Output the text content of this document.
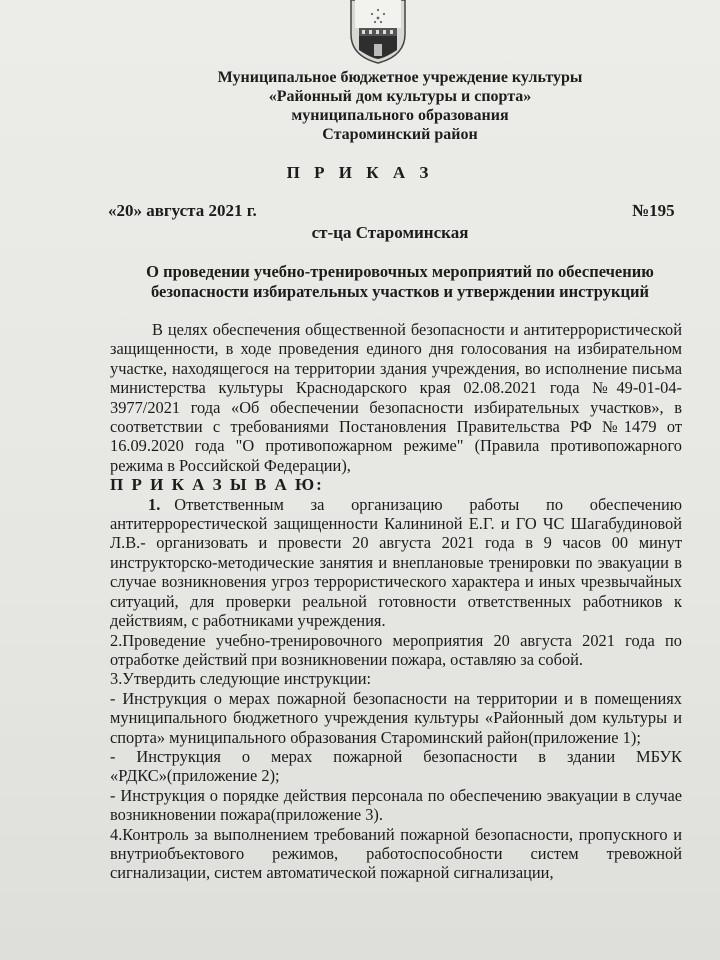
Муниципальное бюджетное учреждение культуры
«Районный дом культуры и спорта»
муниципального образования
Староминский район
П Р И К А З
«20» августа 2021 г.	№195
ст-ца Староминская
О проведении учебно-тренировочных мероприятий по обеспечению безопасности избирательных участков и утверждении инструкций

В целях обеспечения общественной безопасности и антитеррористической защищенности, в ходе проведения единого дня голосования на избирательном участке, находящегося на территории здания учреждения, во исполнение письма министерства культуры Краснодарского края 02.08.2021 года №49-01-04-3977/2021 года «Об обеспечении безопасности избирательных участков», в соответствии с требованиями Постановления Правительства РФ №1479 от 16.09.2020 года "О противопожарном режиме" (Правила противопожарного режима в Российской Федерации),

П Р И К А З Ы В А Ю:

1. Ответственным за организацию работы по обеспечению антитеррорестической защищенности Калининой Е.Г. и ГО ЧС Шагабудиновой Л.В.- организовать и провести 20 августа 2021 года в 9 часов 00 минут инструкторско-методические занятия и внеплановые тренировки по эвакуации в случае возникновения угроз террористического характера и иных чрезвычайных ситуаций, для проверки реальной готовности ответственных работников к действиям, с работниками учреждения.

2.Проведение учебно-тренировочного мероприятия 20 августа 2021 года по отработке действий при возникновении пожара, оставляю за собой.

3.Утвердить следующие инструкции:

- Инструкция о мерах пожарной безопасности на территории и в помещениях муниципального бюджетного учреждения культуры «Районный дом культуры и спорта» муниципального образования Староминский район(приложение 1);

- Инструкция о мерах пожарной безопасности в здании МБУК «РДКС»(приложение 2);

- Инструкция о порядке действия персонала по обеспечению эвакуации в случае возникновении пожара(приложение 3).

4.Контроль за выполнением требований пожарной безопасности, пропускного и внутриобъектового режимов, работоспособности систем тревожной сигнализации, систем автоматической пожарной сигнализации,
